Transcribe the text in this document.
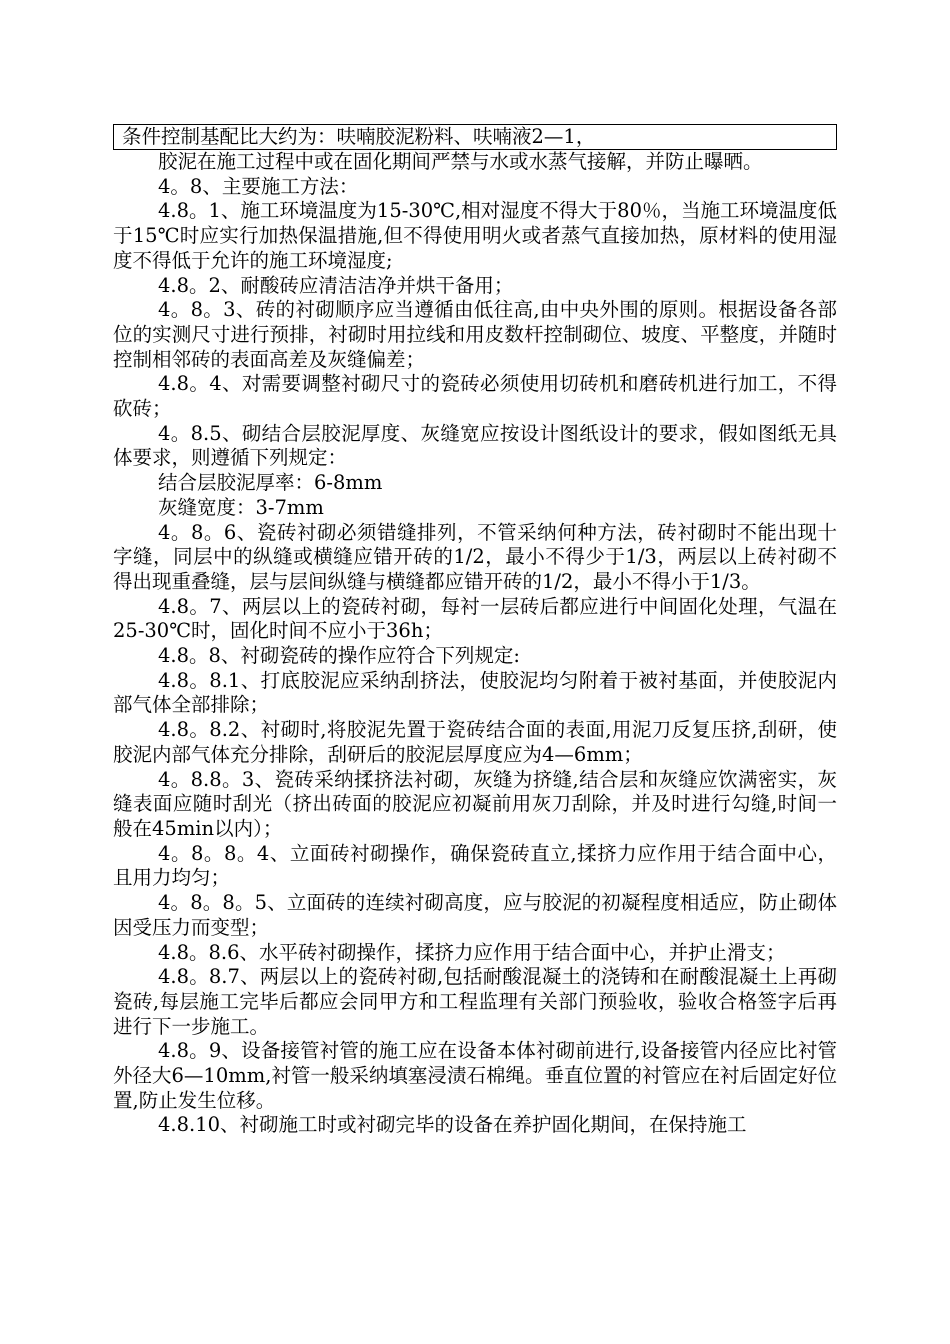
条件控制基配比大约为：呋喃胶泥粉料、呋喃液2—1，

胶泥在施工过程中或在固化期间严禁与水或水蒸气接解，并防止曝晒。

4。8、主要施工方法：

4.8。1、施工环境温度为15-30℃,相对湿度不得大于80％，当施工环境温度低于15℃时应实行加热保温措施,但不得使用明火或者蒸气直接加热，原材料的使用湿度不得低于允许的施工环境湿度;

4.8。2、耐酸砖应清洁洁净并烘干备用；

4。8。3、砖的衬砌顺序应当遵循由低往高,由中央外围的原则。根据设备各部位的实测尺寸进行预排，衬砌时用拉线和用皮数杆控制砌位、坡度、平整度，并随时控制相邻砖的表面高差及灰缝偏差；

4.8。4、对需要调整衬砌尺寸的瓷砖必须使用切砖机和磨砖机进行加工，不得砍砖；

4。8.5、砌结合层胶泥厚度、灰缝宽应按设计图纸设计的要求，假如图纸无具体要求，则遵循下列规定：

结合层胶泥厚率：6-8mm

灰缝宽度：3-7mm

4。8。6、瓷砖衬砌必须错缝排列，不管采纳何种方法，砖衬砌时不能出现十字缝，同层中的纵缝或横缝应错开砖的1/2，最小不得少于1/3，两层以上砖衬砌不得出现重叠缝，层与层间纵缝与横缝都应错开砖的1/2，最小不得小于1/3。

4.8。7、两层以上的瓷砖衬砌，每衬一层砖后都应进行中间固化处理，气温在25-30℃时，固化时间不应小于36h；

4.8。8、衬砌瓷砖的操作应符合下列规定:

4.8。8.1、打底胶泥应采纳刮挤法，使胶泥均匀附着于被衬基面，并使胶泥内部气体全部排除；

4.8。8.2、衬砌时,将胶泥先置于瓷砖结合面的表面,用泥刀反复压挤,刮研，使胶泥内部气体充分排除，刮研后的胶泥层厚度应为4—6mm；

4。8.8。3、瓷砖采纳揉挤法衬砌，灰缝为挤缝,结合层和灰缝应饮满密实，灰缝表面应随时刮光（挤出砖面的胶泥应初凝前用灰刀刮除，并及时进行勾缝,时间一般在45min以内）；

4。8。8。4、立面砖衬砌操作，确保瓷砖直立,揉挤力应作用于结合面中心，且用力均匀；

4。8。8。5、立面砖的连续衬砌高度，应与胶泥的初凝程度相适应，防止砌体因受压力而变型；

4.8。8.6、水平砖衬砌操作，揉挤力应作用于结合面中心，并护止滑支；

4.8。8.7、两层以上的瓷砖衬砌,包括耐酸混凝土的浇铸和在耐酸混凝土上再砌瓷砖,每层施工完毕后都应会同甲方和工程监理有关部门预验收，验收合格签字后再进行下一步施工。

4.8。9、设备接管衬管的施工应在设备本体衬砌前进行,设备接管内径应比衬管外径大6—10mm,衬管一般采纳填塞浸渍石棉绳。垂直位置的衬管应在衬后固定好位置,防止发生位移。

4.8.10、衬砌施工时或衬砌完毕的设备在养护固化期间，在保持施工
